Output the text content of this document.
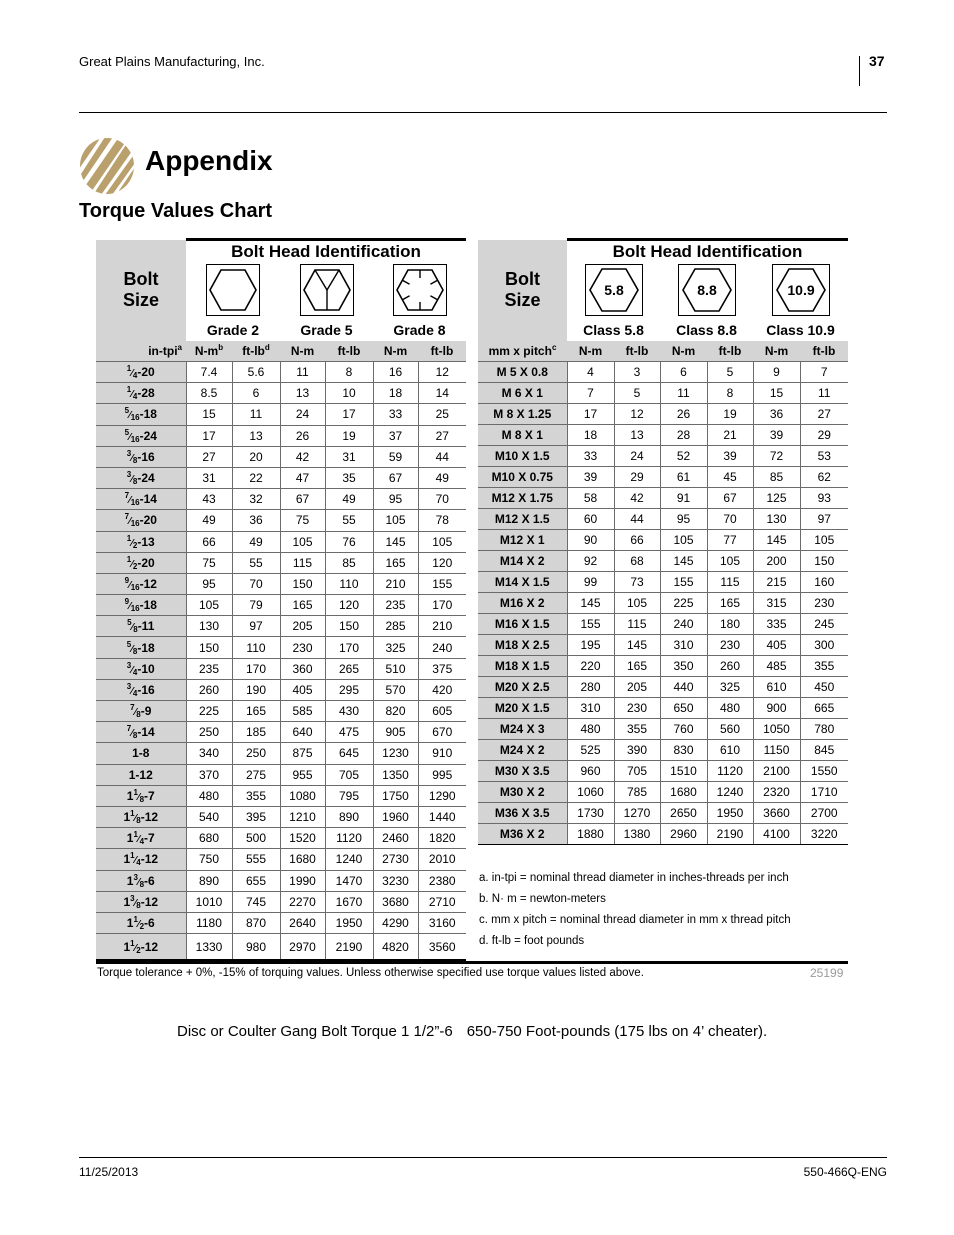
Great Plains Manufacturing, Inc.	37
Appendix
Torque Values Chart
Bolt
Size	Bolt Head Identification					

	Grade 2		Grade 5		Grade 8	
in-tpi$^a$	$N-m^b$	$ft-lb^d$	N-m	ft-lb	N-m	ft-lb
$^1⁄_4-20$	7.4	5.6	11	8	16	12
$^1⁄_4-28$	8.5	6	13	10	18	14
$^5⁄_{16}-18$	15	11	24	17	33	25
$^5⁄_{16}-24$	17	13	26	19	37	27
$^3⁄_8-16$	27	20	42	31	59	44
$^3⁄_8-24$	31	22	47	35	67	49
$^7⁄_{16}-14$	43	32	67	49	95	70
$^7⁄_{16}-20$	49	36	75	55	105	78
$^1⁄_2-13$	66	49	105	76	145	105
$^1⁄_2-20$	75	55	115	85	165	120
$^9⁄_{16}-12$	95	70	150	110	210	155
$^9⁄_{16}-18$	105	79	165	120	235	170
$^5⁄_8-11$	130	97	205	150	285	210
$^5⁄_8-18$	150	110	230	170	325	240
$^3⁄_4-10$	235	170	360	265	510	375
$^3⁄_4-16$	260	190	405	295	570	420
$^7⁄_8-9$	225	165	585	430	820	605
$^7⁄_8-14$	250	185	640	475	905	670
1-8	340	250	875	645	1230	910
1-12	370	275	955	705	1350	995
$1^1⁄_8-7$	480	355	1080	795	1750	1290
$1^1⁄_8-12$	540	395	1210	890	1960	1440
$1^1⁄_4-7$	680	500	1520	1120	2460	1820
$1^1⁄_4-12$	750	555	1680	1240	2730	2010
$1^3⁄_8-6$	890	655	1990	1470	3230	2380
$1^3⁄_8-12$	1010	745	2270	1670	3680	2710
$1^1⁄_2-6$	1180	870	2640	1950	4290	3160
$1^1⁄_2-12$	1330	980	2970	2190	4820	3560
Bolt
Size	Bolt Head Identification					

5.8		8.8		10.9	

	Class 5.8		Class 8.8		Class 10.9	
mm x pitch$^c$	N-m	ft-lb	N-m	ft-lb	N-m	ft-lb
M 5 X 0.8	4	3	6	5	9	7
M 6 X 1	7	5	11	8	15	11
M 8 X 1.25	17	12	26	19	36	27
M 8 X 1	18	13	28	21	39	29
M10 X 1.5	33	24	52	39	72	53
M10 X 0.75	39	29	61	45	85	62
M12 X 1.75	58	42	91	67	125	93
M12 X 1.5	60	44	95	70	130	97
M12 X 1	90	66	105	77	145	105
M14 X 2	92	68	145	105	200	150
M14 X 1.5	99	73	155	115	215	160
M16 X 2	145	105	225	165	315	230
M16 X 1.5	155	115	240	180	335	245
M18 X 2.5	195	145	310	230	405	300
M18 X 1.5	220	165	350	260	485	355
M20 X 2.5	280	205	440	325	610	450
M20 X 1.5	310	230	650	480	900	665
M24 X 3	480	355	760	560	1050	780
M24 X 2	525	390	830	610	1150	845
M30 X 3.5	960	705	1510	1120	2100	1550
M30 X 2	1060	785	1680	1240	2320	1710
M36 X 3.5	1730	1270	2650	1950	3660	2700
M36 X 2	1880	1380	2960	2190	4100	3220
a. in-tpi = nominal thread diameter in inches-threads per inch
b. N· m = newton-meters
c. mm x pitch = nominal thread diameter in mm x thread pitch
d. ft-lb = foot pounds
Torque tolerance + 0%, -15% of torquing values. Unless otherwise specified use torque values listed above.	25199
Disc or Coulter Gang Bolt Torque 1 1/2”-6 650-750 Foot-pounds (175 lbs on 4’ cheater).
11/25/2013	550-466Q-ENG
